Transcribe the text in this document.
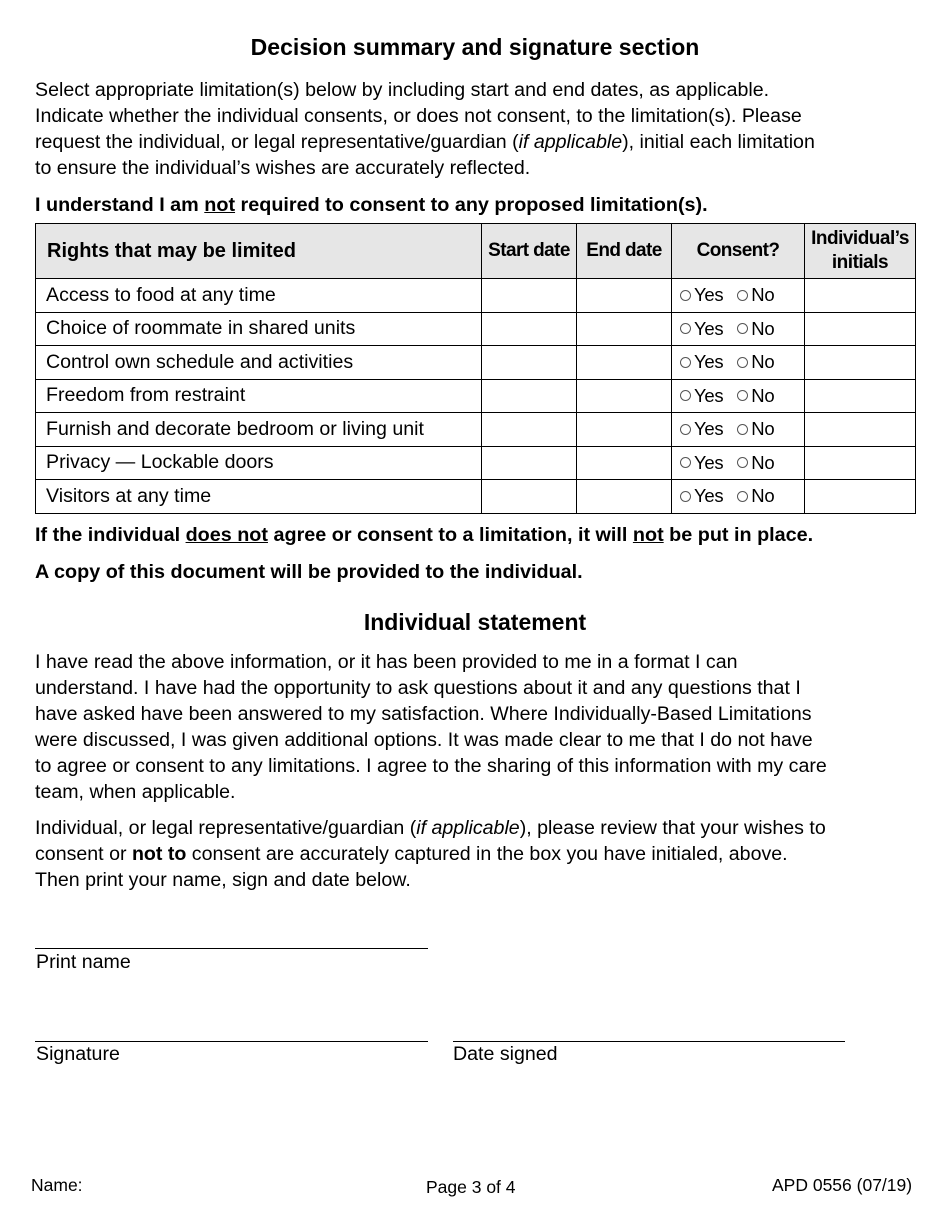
Decision summary and signature section

Select appropriate limitation(s) below by including start and end dates, as applicable.
Indicate whether the individual consents, or does not consent, to the limitation(s). Please
request the individual, or legal representative/guardian (if applicable), initial each limitation
to ensure the individual’s wishes are accurately reflected.

I understand I am not required to consent to any proposed limitation(s).

Rights that may be limited	Start date	End date	Consent?	Individual’s
initials
Access to food at any time			Yes No	

Choice of roommate in shared units			Yes No	

Control own schedule and activities			Yes No	

Freedom from restraint			Yes No	

Furnish and decorate bedroom or living unit			Yes No	

Privacy — Lockable doors			Yes No	

Visitors at any time			Yes No	

If the individual does not agree or consent to a limitation, it will not be put in place.

A copy of this document will be provided to the individual.

Individual statement

I have read the above information, or it has been provided to me in a format I can
understand. I have had the opportunity to ask questions about it and any questions that I
have asked have been answered to my satisfaction. Where Individually-Based Limitations
were discussed, I was given additional options. It was made clear to me that I do not have
to agree or consent to any limitations. I agree to the sharing of this information with my care
team, when applicable.

Individual, or legal representative/guardian (if applicable), please review that your wishes to
consent or not to consent are accurately captured in the box you have initialed, above.
Then print your name, sign and date below.

Print name
Signature	Date signed
Name:	Page 3 of 4	APD 0556 (07/19)
